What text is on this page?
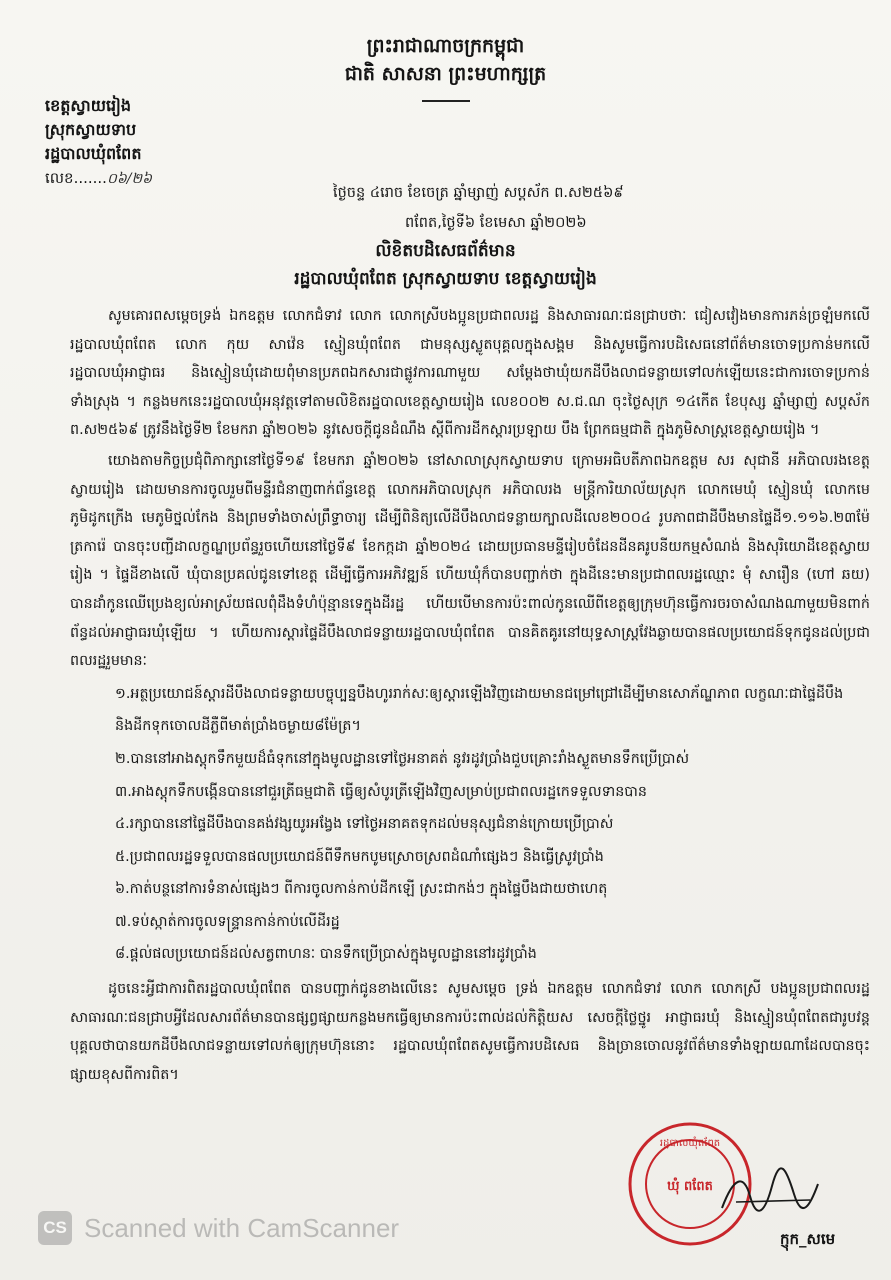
ព្រះរាជាណាចក្រកម្ពុជា
ជាតិ សាសនា ព្រះមហាក្សត្រ
ខេត្តស្វាយរៀង
ស្រុកស្វាយទាប
រដ្ឋបាលឃុំពពែត
លេខ.......០៦/២៦
ថ្ងៃចន្ទ ៤រោច ខែចេត្រ ឆ្នាំម្សាញ់ សប្តស័ក ព.ស២៥៦៩
ពពែត,ថ្ងៃទី៦ ខែមេសា ឆ្នាំ២០២៦
លិខិតបដិសេធព័ត៌មាន
រដ្ឋបាលឃុំពពែត ស្រុកស្វាយទាប ខេត្តស្វាយរៀង

សូមគោរពសម្តេចទ្រង់ ឯកឧត្តម លោកជំទាវ លោក លោកស្រីបងប្អូនប្រជាពលរដ្ឋ និងសាធារណៈជនជ្រាបថាៈ ជៀសវៀងមានការភន់ច្រឡំមកលើរដ្ឋបាលឃុំពពែត លោក កុយ សាវ៉េន ស្មៀនឃុំពពែត ជាមនុស្សស្លូតបុគ្គលក្នុងសង្គម និងសូមធ្វើការបដិសេធនៅព័ត៌មានចោទប្រកាន់មកលើរដ្ឋបាលឃុំអាជ្ញាធរ និងស្មៀនឃុំដោយពុំមានប្រភពឯកសារជាផ្លូវការណាមួយ សម្តែងថាឃុំយកដីបឹងលាជទន្លាយទៅលក់ឡើយនេះជាការចោទប្រកាន់ទាំងស្រុង ។ កន្លងមកនេះរដ្ឋបាលឃុំអនុវត្តទៅតាមលិខិតរដ្ឋបាលខេត្តស្វាយរៀង លេខ០០២ ស.ជ.ណ ចុះថ្ងៃសុក្រ ១៤កើត ខែបុស្ស ឆ្នាំម្សាញ់ សប្តស័ក ព.ស២៥៦៩ ត្រូវនឹងថ្ងៃទី២ ខែមករា ឆ្នាំ២០២៦ នូវសេចក្តីជូនដំណឹង ស្តីពីការដីកស្តារប្រឡាយ បឹង ព្រែកធម្មជាតិ ក្នុងភូមិសាស្ត្រខេត្តស្វាយរៀង ។

យោងតាមកិច្ចប្រជុំពិភាក្សានៅថ្ងៃទី១៩ ខែមករា ឆ្នាំ២០២៦ នៅសាលាស្រុកស្វាយទាប ក្រោមអធិបតីភាពឯកឧត្តម សរ សុជានី អភិបាលរងខេត្តស្វាយរៀង ដោយមានការចូលរួមពីមន្ទីរជំនាញពាក់ព័ន្ធខេត្ត លោកអភិបាលស្រុក អភិបាលរង មន្ត្រីការិយាល័យស្រុក លោកមេឃុំ ស្មៀនឃុំ លោកមេភូមិដូកក្រើង មេភូមិថ្នល់កែង និងព្រមទាំងចាស់ព្រឹទ្ធាចារ្យ ដើម្បីពិនិត្យលើដីបឹងលាជទន្លាយក្បាលដីលេខ២០០៤ រូបភាពជាដីបឹងមានផ្ទៃដី១.១១៦.២៣ម៉ែត្រការ៉េ បានចុះបញ្ជីដាលក្ខណ្ឌប្រព័ន្ធរួចហើយនៅថ្ងៃទី៩ ខែកក្កដា ឆ្នាំ២០២៤ ដោយប្រធានមន្ទីរៀបចំដែនដីនគរូបនីយកម្មសំណង់ និងសុរិយោដីខេត្តស្វាយរៀង ។ ផ្ទៃដីខាងលើ ឃុំបានប្រគល់ជូនទៅខេត្ត ដើម្បីធ្វើការអភិវឌ្ឍន៍ ហើយឃុំក៏បានបញ្ជាក់ថា ក្នុងដីនេះមានប្រជាពលរដ្ឋឈ្មោះ មុំ សារឿន (ហៅ ឆយ) បានដាំកូនឈើប្រេងខ្យល់អាស្រ័យផលពុំដឹងទំហំប៉ុន្មានទេក្នុងដីរដ្ឋ ហើយបើមានការប៉ះពាល់កូនឈើពីខេត្តឲ្យក្រុមហ៊ុនធ្វើការចរចាសំណងណាមួយមិនពាក់ព័ន្ធដល់អាជ្ញាធរឃុំឡើយ ។ ហើយការស្តារផ្ទៃដីបឹងលាជទន្លាយរដ្ឋបាលឃុំពពែត បានគិតគូរនៅយុទ្ធសាស្ត្រវែងឆ្ងាយបានផលប្រយោជន៍ទុកជូនដល់ប្រជាពលរដ្ឋរួមមានៈ

១.អត្ថប្រយោជន៍ស្តារដីបឹងលាជទន្លាយបច្ចុប្បន្នបឹងហូររាក់សៈឲ្យស្តារឡើងវិញដោយមានជម្រៅជ្រៅដើម្បីមានសោភ័ណ្ឌភាព លក្ខណៈជាផ្ទៃដីបឹង និងដីកទុកចោលដីភ្លឺពីមាត់ប្រាំងចម្ងាយ៨ម៉ែត្រ។
២.បាននៅអាងស្តុកទឹកមួយដ៏ធំទុកនៅក្នុងមូលដ្ឋានទៅថ្ងៃអនាគត់ នូវរដូវប្រាំងជួបគ្រោះរាំងស្ងួតមានទឹកប្រើប្រាស់
៣.អាងស្តុកទឹកបង្កើនបាននៅជួរត្រីធម្មជាតិ ធ្វើឲ្យសំបូរត្រីឡើងវិញសម្រាប់ប្រជាពលរដ្ឋកេទទួលទានបាន
៤.រក្សាបាននៅផ្ទៃដីបឹងបានគង់វង្សយូរអង្វែង ទៅថ្ងៃអនាគតទុកដល់មនុស្សជំនាន់ក្រោយប្រើប្រាស់
៥.ប្រជាពលរដ្ឋទទួលបានផលប្រយោជន៍ពីទឹកមកបូមស្រោចស្រពដំណាំផ្សេងៗ និងធ្វើស្រូវប្រាំង
៦.កាត់បន្ថនៅការទំនាស់ផ្សេងៗ ពីការចូលកាន់កាប់ដីកឡើ ស្រះជាកង់ៗ ក្នុងផ្ទៃបឹងជាយថាហេតុ
៧.ទប់ស្កាត់ការចូលទន្ទ្រានកាន់កាប់លើដីរដ្ឋ
៨.ផ្តល់ផលប្រយោជន៍ដល់សត្វពាហនៈ បានទឹកប្រើប្រាស់ក្នុងមូលដ្ឋាននៅរដូវប្រាំង

ដូចនេះអ្វីជាការពិតរដ្ឋបាលឃុំពពែត បានបញ្ជាក់ជូនខាងលើនេះ សូមសម្តេច ទ្រង់ ឯកឧត្តម លោកជំទាវ លោក លោកស្រី បងប្អូនប្រជាពលរដ្ឋសាធារណៈជនជ្រាបអ្វីដែលសារព័ត៌មានបានផ្សព្វផ្សាយកន្លងមកធ្វើឲ្យមានការប៉ះពាល់ដល់កិត្តិយស សេចក្តីថ្លៃថ្នូរ អាជ្ញាធរឃុំ និងស្មៀនឃុំពពែតជារូបវន្តបុគ្គលថាបានយកដីបឹងលាជទន្លាយទៅលក់ឲ្យក្រុមហ៊ុននោះ រដ្ឋបាលឃុំពពែតសូមធ្វើការបដិសេធ និងច្រានចោលនូវព័ត៌មានទាំងឡាយណាដែលបានចុះផ្សាយខុសពីការពិត។

រដ្ឋបាលឃុំពពែត
ឃុំ ពពែត
ក្ញុក_សមេ
CS Scanned with CamScanner
